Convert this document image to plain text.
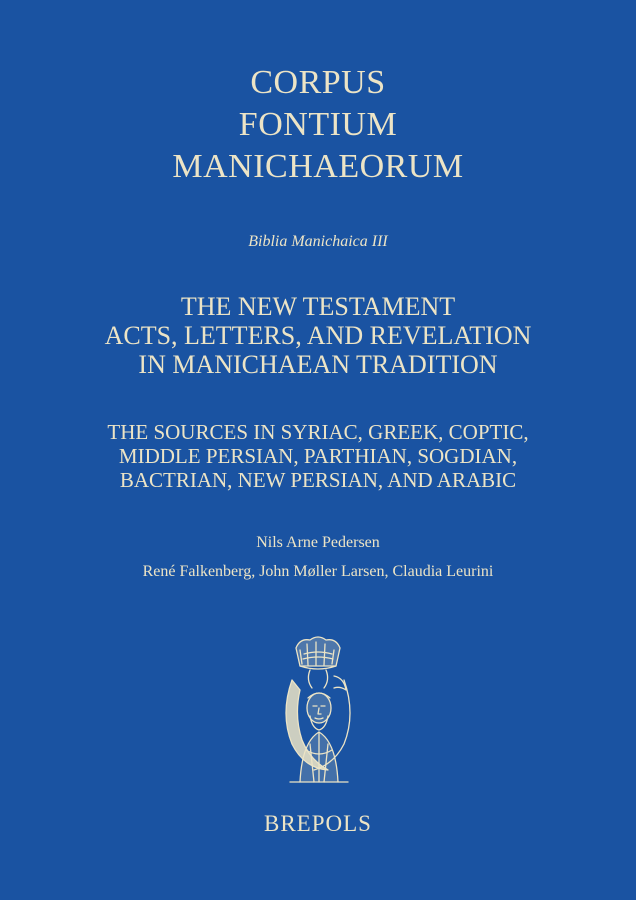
CORPUS
FONTIUM
MANICHAEORUM
Biblia Manichaica III
THE NEW TESTAMENT
ACTS, LETTERS, AND REVELATION
IN MANICHAEAN TRADITION
THE SOURCES IN SYRIAC, GREEK, COPTIC,
MIDDLE PERSIAN, PARTHIAN, SOGDIAN,
BACTRIAN, NEW PERSIAN, AND ARABIC
Nils Arne Pedersen
René Falkenberg, John Møller Larsen, Claudia Leurini
BREPOLS
